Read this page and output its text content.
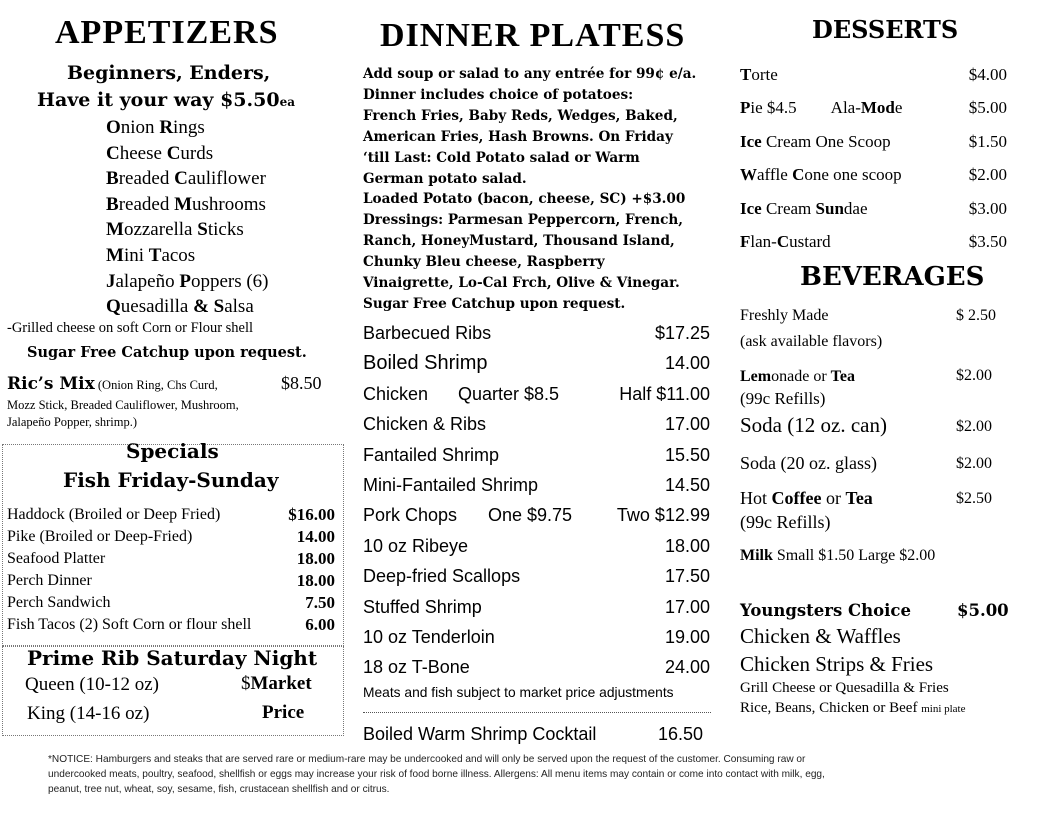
APPETIZERS
Beginners, Enders,
Have it your way $5.50ea
Onion Rings
Cheese Curds
Breaded Cauliflower
Breaded Mushrooms
Mozzarella Sticks
Mini Tacos
Jalapeño Poppers (6)
Quesadilla & Salsa
-Grilled cheese on soft Corn or Flour shell
Sugar Free Catchup upon request.
Ric’s Mix (Onion Ring, Chs Curd,	$8.50
Mozz Stick, Breaded Cauliflower, Mushroom,
Jalapeño Popper, shrimp.)
Specials
Fish Friday-Sunday
Haddock (Broiled or Deep Fried)	$16.00
Pike (Broiled or Deep-Fried)	14.00
Seafood Platter	18.00
Perch Dinner	18.00
Perch Sandwich	7.50
Fish Tacos (2) Soft Corn or flour shell	6.00
Prime Rib Saturday Night
Queen (10-12 oz)	$Market
King (14-16 oz)	Price
DINNER PLATESS
Add soup or salad to any entrée for 99¢ e/a.
Dinner includes choice of potatoes:
French Fries, Baby Reds, Wedges, Baked,
American Fries, Hash Browns. On Friday
‘till Last: Cold Potato salad or Warm
German potato salad.
Loaded Potato (bacon, cheese, SC) +$3.00
Dressings: Parmesan Peppercorn, French,
Ranch, HoneyMustard, Thousand Island,
Chunky Bleu cheese, Raspberry
Vinaigrette, Lo-Cal Frch, Olive & Vinegar.
Sugar Free Catchup upon request.
Barbecued Ribs	$17.25
Boiled Shrimp	14.00
Chicken Quarter $8.5	Half $11.00
Chicken & Ribs	17.00
Fantailed Shrimp	15.50
Mini-Fantailed Shrimp	14.50
Pork Chops One $9.75 Two $12.99
10 oz Ribeye	18.00
Deep-fried Scallops	17.50
Stuffed Shrimp	17.00
10 oz Tenderloin	19.00
18 oz T-Bone	24.00
Meats and fish subject to market price adjustments
Boiled Warm Shrimp Cocktail	16.50
DESSERTS
Torte	$4.00
Pie $4.5 Ala-Mode	$5.00
Ice Cream One Scoop	$1.50
Waffle Cone one scoop	$2.00
Ice Cream Sundae	$3.00
Flan-Custard	$3.50
BEVERAGES
Freshly Made
(ask available flavors)
$ 2.50
Lemonade or Tea
(99c Refills)
$2.00
Soda (12 oz. can)	$2.00
Soda (20 oz. glass)	$2.00
Hot Coffee or Tea
(99c Refills)
$2.50
Milk Small $1.50 Large $2.00
Youngsters Choice	$5.00
Chicken & Waffles
Chicken Strips & Fries
Grill Cheese or Quesadilla & Fries
Rice, Beans, Chicken or Beef mini plate
*NOTICE: Hamburgers and steaks that are served rare or medium-rare may be undercooked and will only be served upon the request of the customer. Consuming raw or
undercooked meats, poultry, seafood, shellfish or eggs may increase your risk of food borne illness. Allergens: All menu items may contain or come into contact with milk, egg,
peanut, tree nut, wheat, soy, sesame, fish, crustacean shellfish and or citrus.
